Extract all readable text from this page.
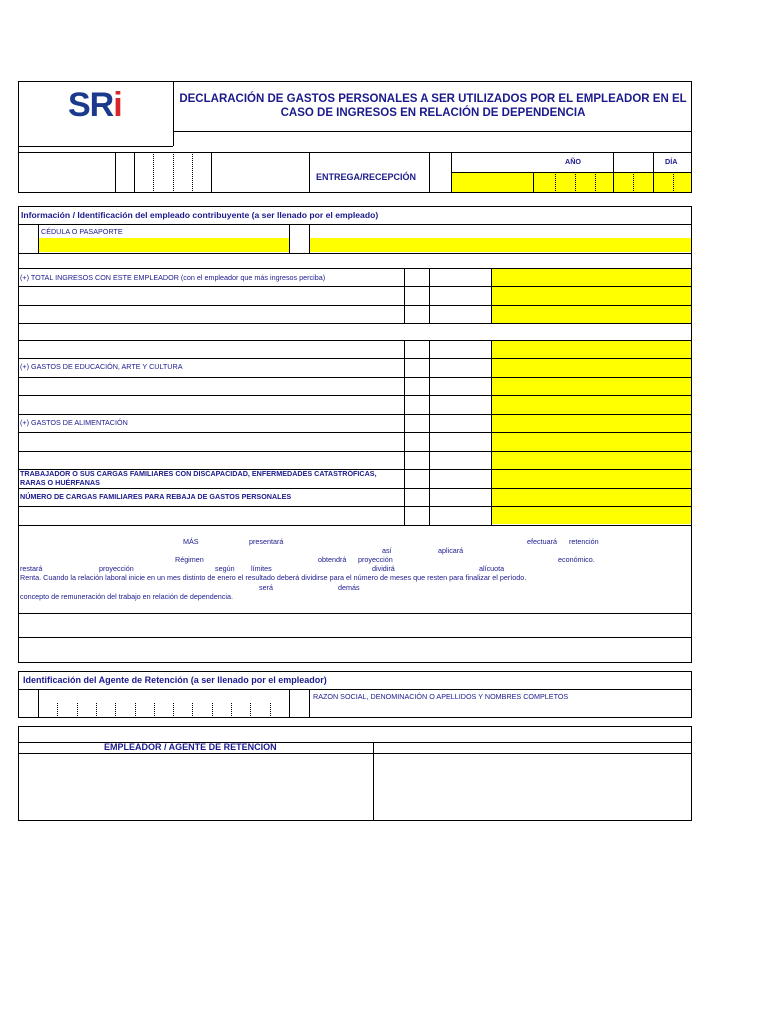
SRi	DECLARACIÓN DE GASTOS PERSONALES A SER UTILIZADOS POR EL EMPLEADOR EN EL
CASO DE INGRESOS EN RELACIÓN DE DEPENDENCIA
ENTREGA/RECEPCIÓN
AÑO	DÍA
Información / Identificación del empleado contribuyente (a ser llenado por el empleado)
CÉDULA O PASAPORTE
(+) TOTAL INGRESOS CON ESTE EMPLEADOR (con el empleador que más ingresos perciba)
(+) GASTOS DE EDUCACIÓN, ARTE Y CULTURA
(+) GASTOS DE ALIMENTACIÓN
TRABAJADOR O SUS CARGAS FAMILIARES CON DISCAPACIDAD, ENFERMEDADES CATASTRÓFICAS,
RARAS O HUÉRFANAS
NÚMERO DE CARGAS FAMILIARES PARA REBAJA DE GASTOS PERSONALES
MÁS	presentará	efectuará retención
así	aplicará
Régimen	obtendrá proyección	económico.
restará	proyección	según límites	dividirá	alícuota
Renta. Cuando la relación laboral inicie en un mes distinto de enero el resultado deberá dividirse para el número de meses que resten para finalizar el período.
será	demás
concepto de remuneración del trabajo en relación de dependencia.
Identificación del Agente de Retención (a ser llenado por el empleador)
RAZON SOCIAL, DENOMINACIÓN O APELLIDOS Y NOMBRES COMPLETOS
EMPLEADOR / AGENTE DE RETENCION
